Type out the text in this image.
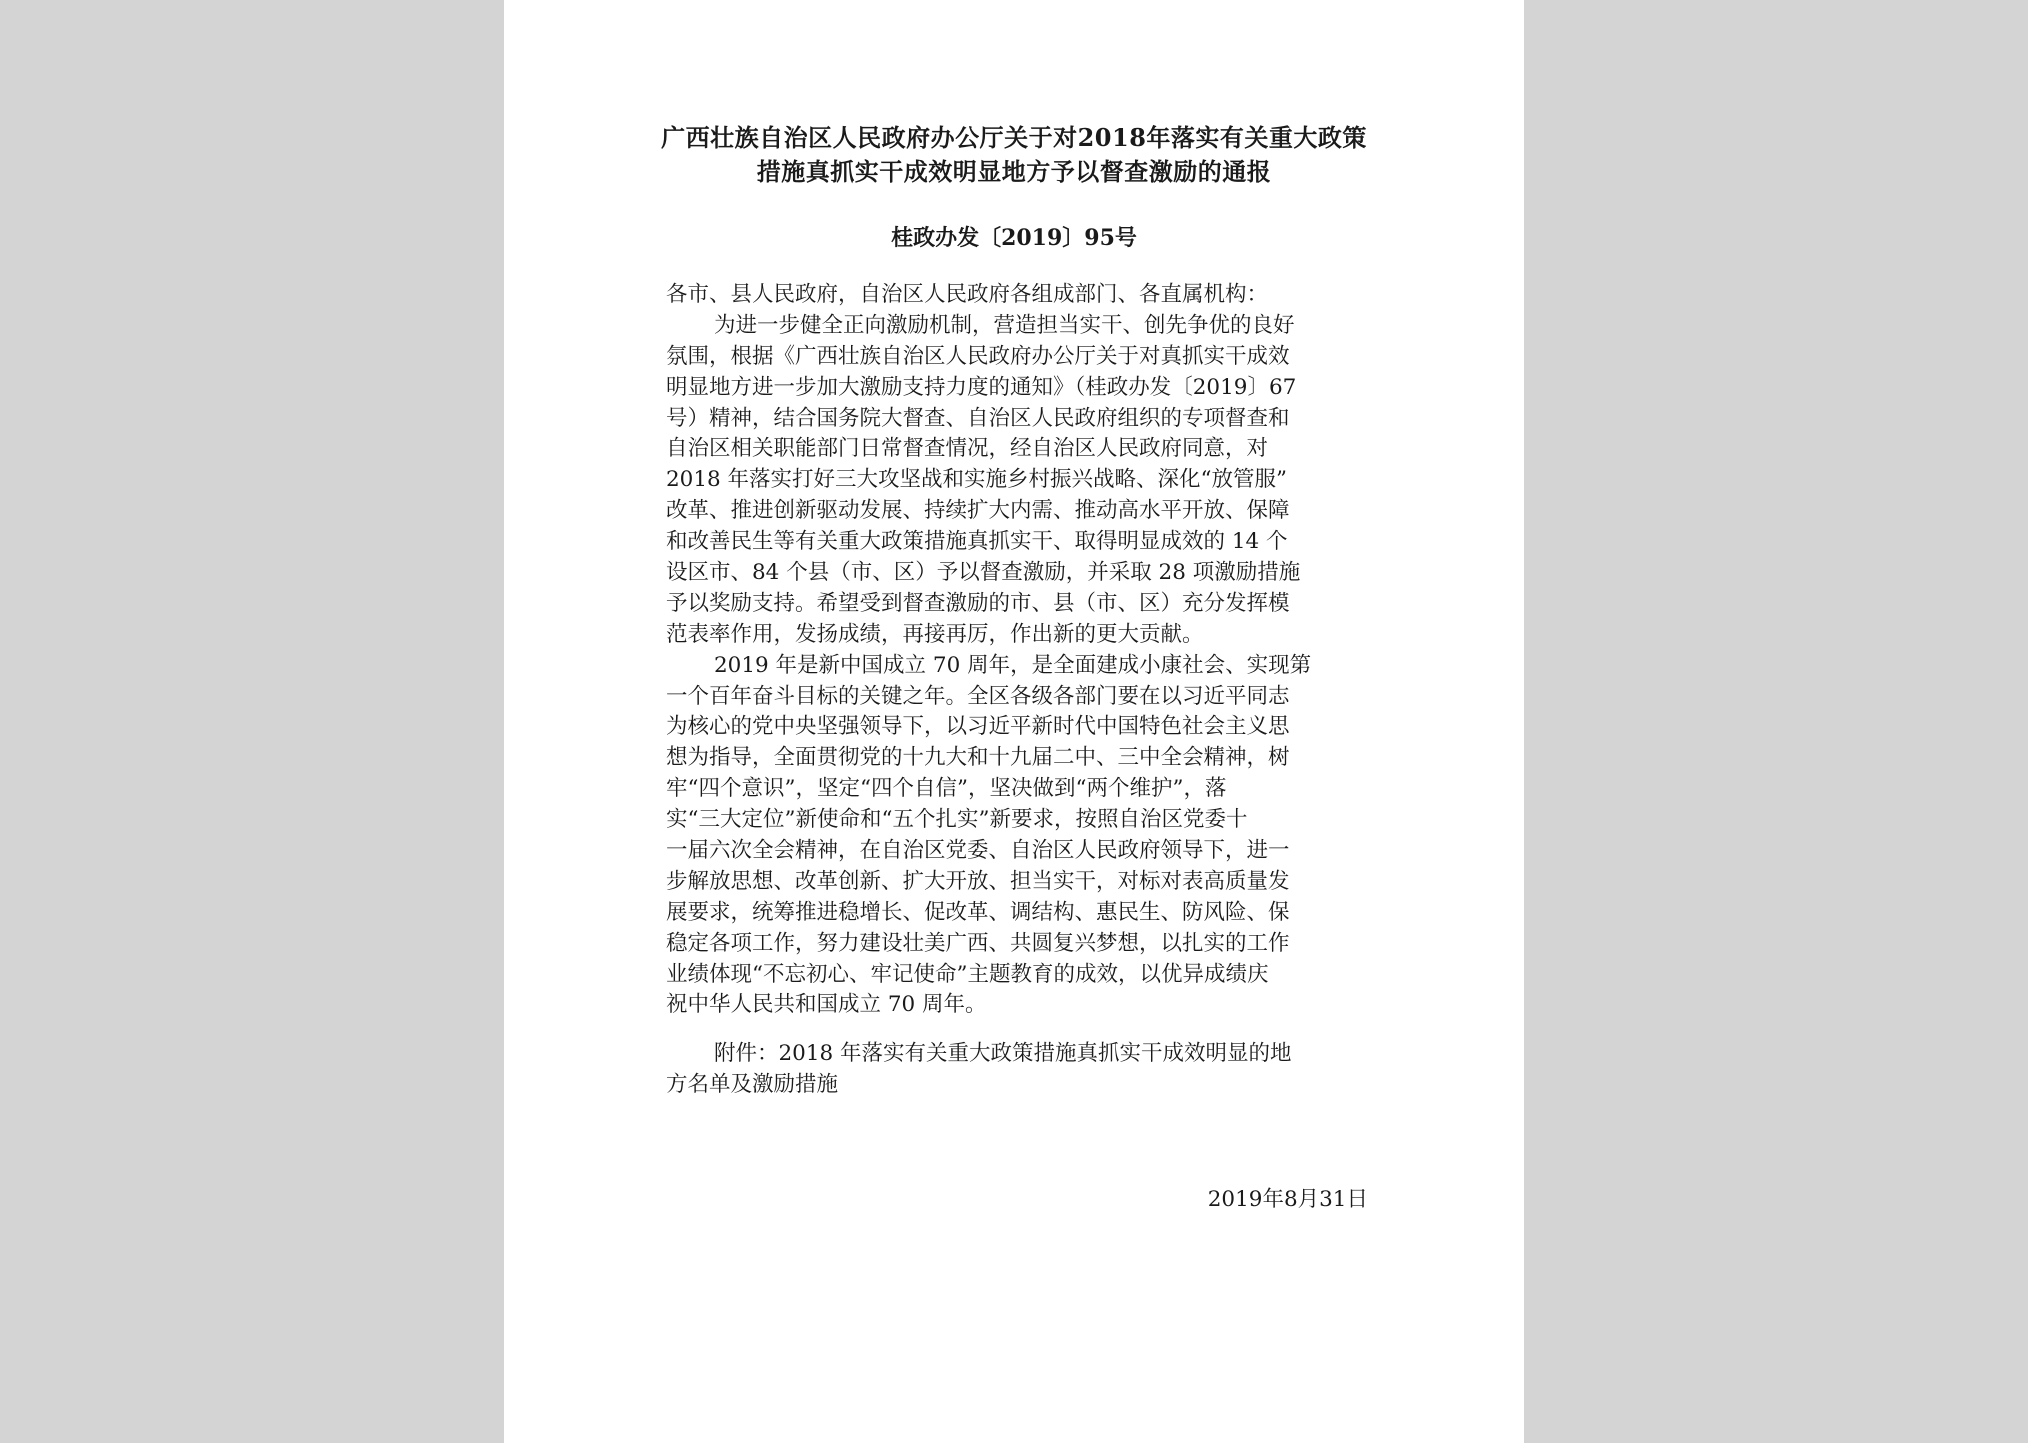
广西壮族自治区人民政府办公厅关于对2018年落实有关重大政策
措施真抓实干成效明显地方予以督查激励的通报
桂政办发〔2019〕95号
各市、县人民政府，自治区人民政府各组成部门、各直属机构：
为进一步健全正向激励机制，营造担当实干、创先争优的良好
氛围，根据《广西壮族自治区人民政府办公厅关于对真抓实干成效
明显地方进一步加大激励支持力度的通知》（桂政办发〔2019〕67
号）精神，结合国务院大督查、自治区人民政府组织的专项督查和
自治区相关职能部门日常督查情况，经自治区人民政府同意，对
2018 年落实打好三大攻坚战和实施乡村振兴战略、深化“放管服”
改革、推进创新驱动发展、持续扩大内需、推动高水平开放、保障
和改善民生等有关重大政策措施真抓实干、取得明显成效的 14 个
设区市、84 个县（市、区）予以督查激励，并采取 28 项激励措施
予以奖励支持。希望受到督查激励的市、县（市、区）充分发挥模
范表率作用，发扬成绩，再接再厉，作出新的更大贡献。
2019 年是新中国成立 70 周年，是全面建成小康社会、实现第
一个百年奋斗目标的关键之年。全区各级各部门要在以习近平同志
为核心的党中央坚强领导下，以习近平新时代中国特色社会主义思
想为指导，全面贯彻党的十九大和十九届二中、三中全会精神，树
牢“四个意识”，坚定“四个自信”，坚决做到“两个维护”，落
实“三大定位”新使命和“五个扎实”新要求，按照自治区党委十
一届六次全会精神，在自治区党委、自治区人民政府领导下，进一
步解放思想、改革创新、扩大开放、担当实干，对标对表高质量发
展要求，统筹推进稳增长、促改革、调结构、惠民生、防风险、保
稳定各项工作，努力建设壮美广西、共圆复兴梦想，以扎实的工作
业绩体现“不忘初心、牢记使命”主题教育的成效，以优异成绩庆
祝中华人民共和国成立 70 周年。
附件：2018 年落实有关重大政策措施真抓实干成效明显的地
方名单及激励措施
2019年8月31日
